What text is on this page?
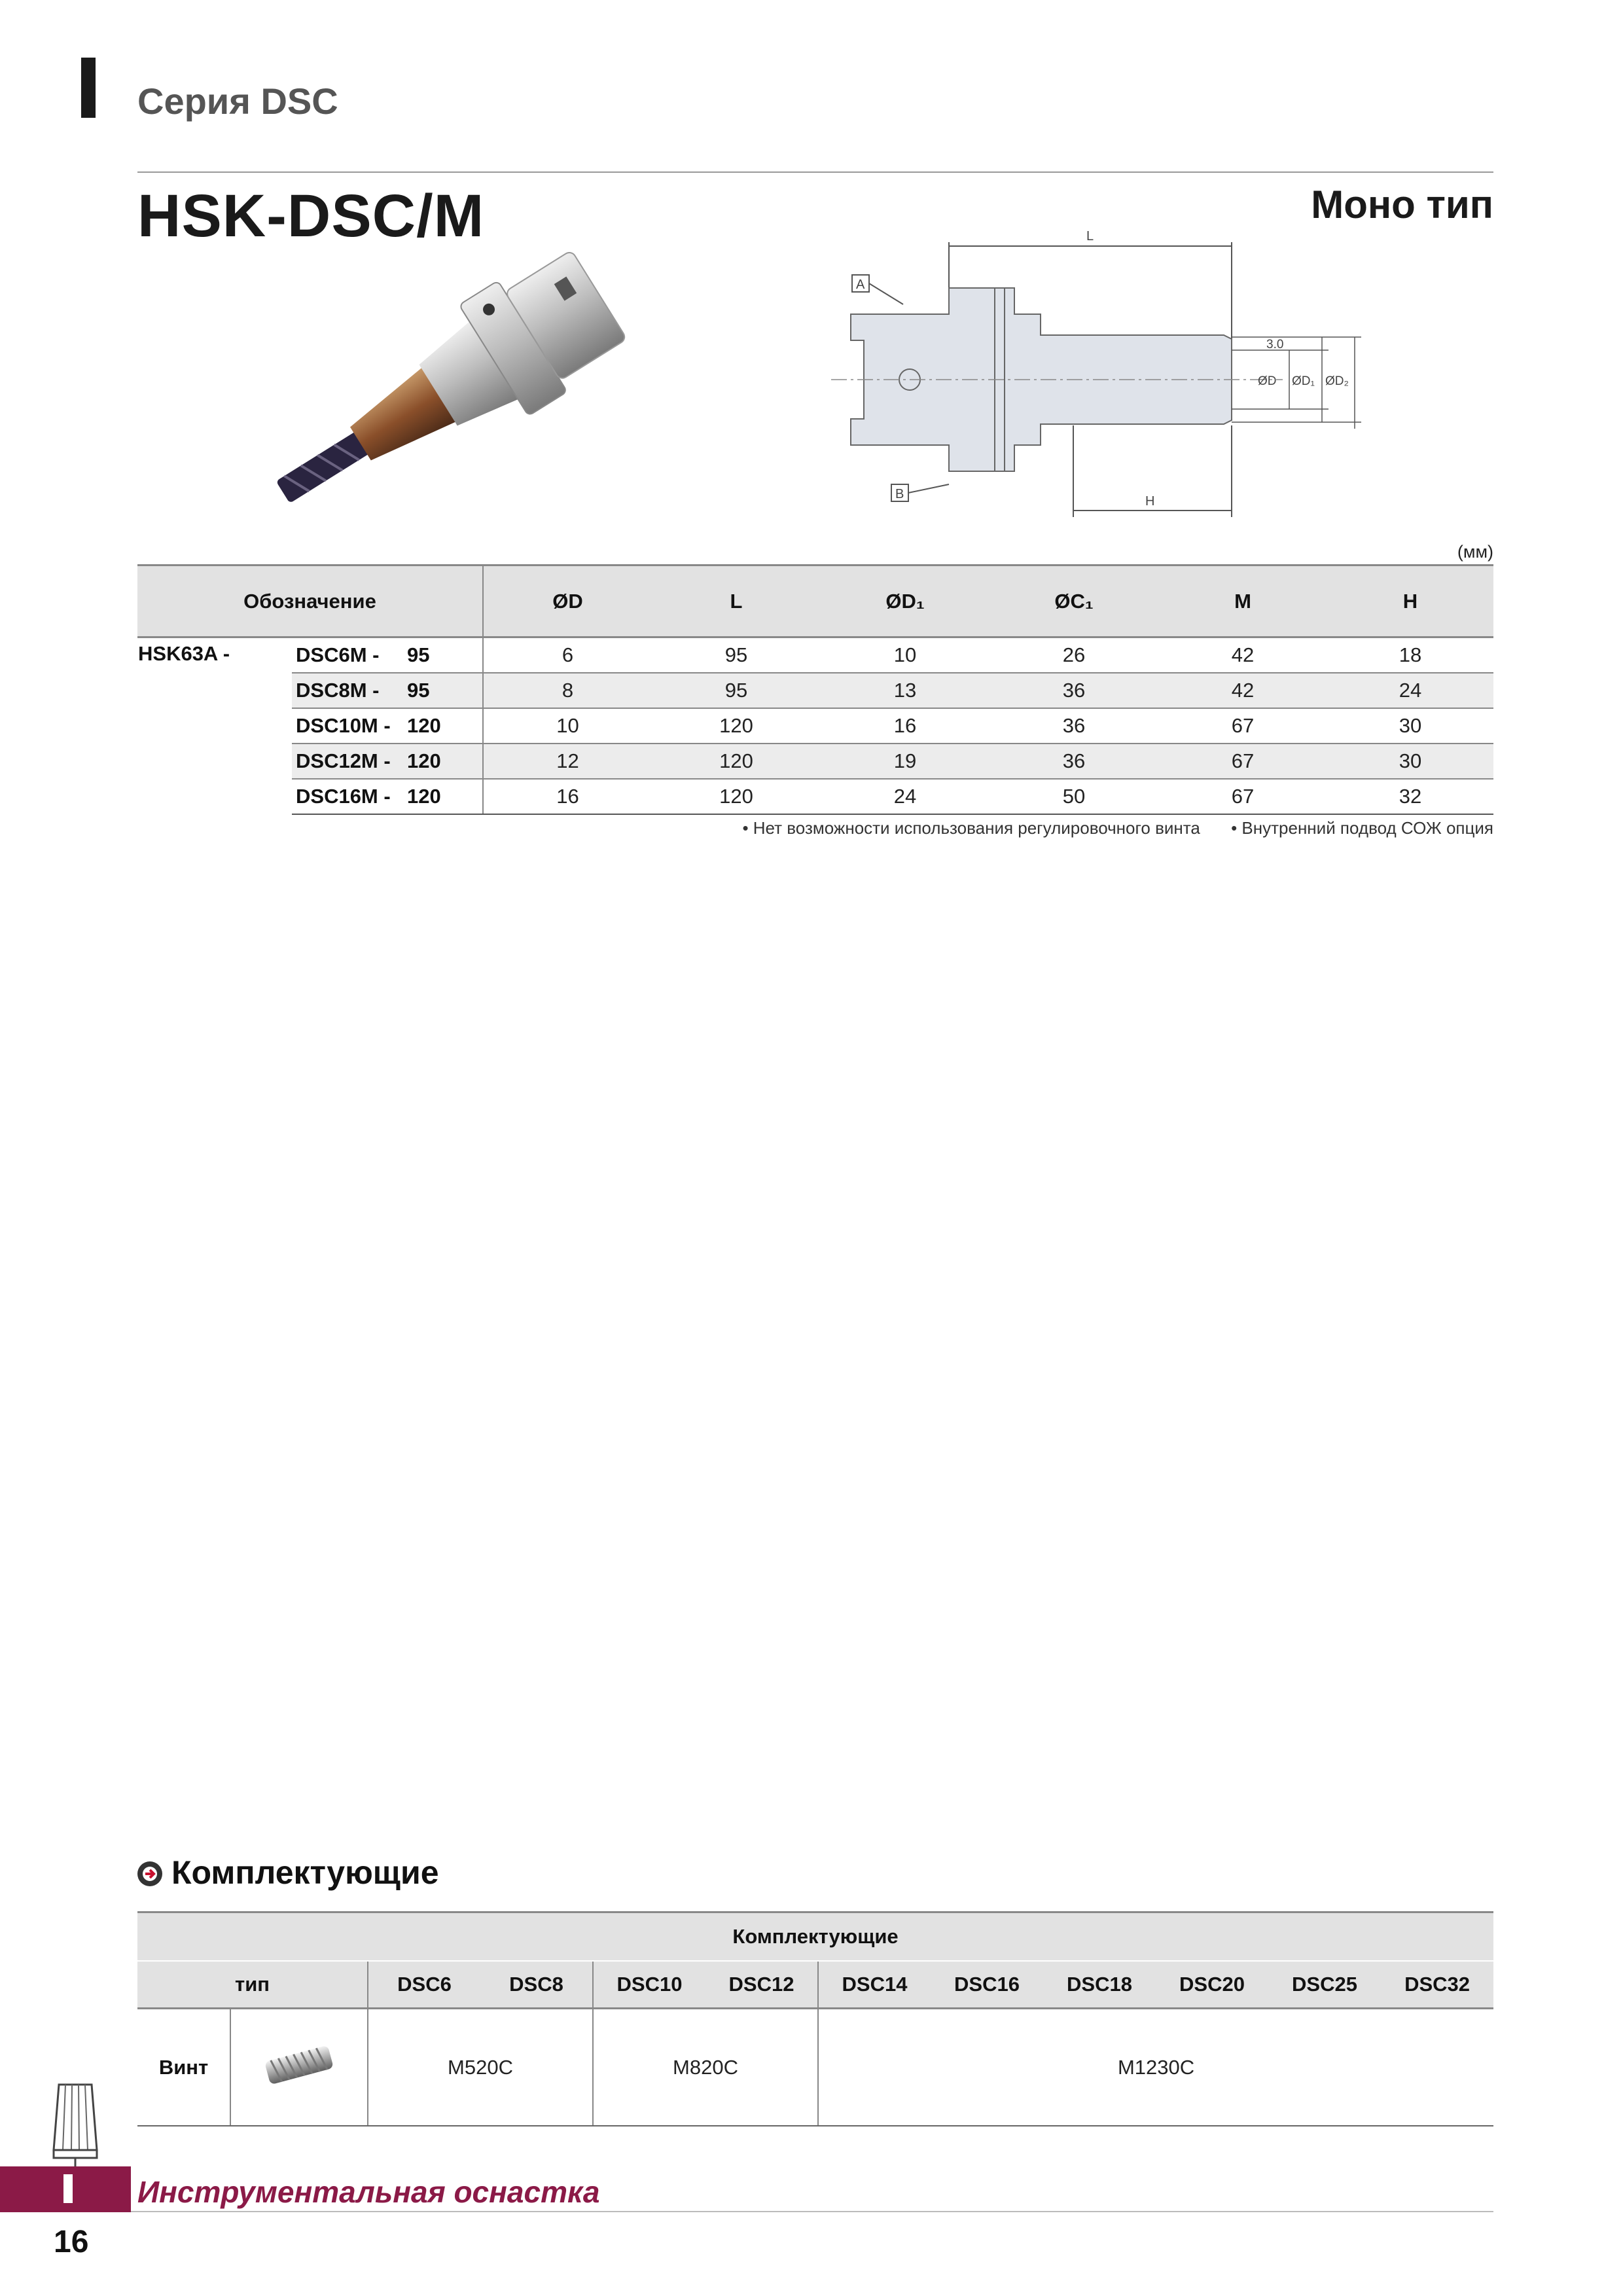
Серия DSC
HSK-DSC/M	Моно тип
L
A
3.0
ØD ØD₁ ØD₂
B	H
(мм)
Обозначение		ØD	L	ØD₁	ØC₁	M	H
HSK63A -	DSC6M - 95	6	95	10	26	42	18
	DSC8M - 95	8	95	13	36	42	24
	DSC10M - 120	10	120	16	36	67	30
	DSC12M - 120	12	120	19	36	67	30
	DSC16M - 120	16	120	24	50	67	32
• Нет возможности использования регулировочного винта • Внутренний подвод СОЖ опция
Комплектующие
Комплектующие											
тип		DSC6	DSC8	DSC10	DSC12	DSC14	DSC16	DSC18	DSC20	DSC25	DSC32
Винт		M520C		M820C		M1230C					
Инструментальная оснастка
16
